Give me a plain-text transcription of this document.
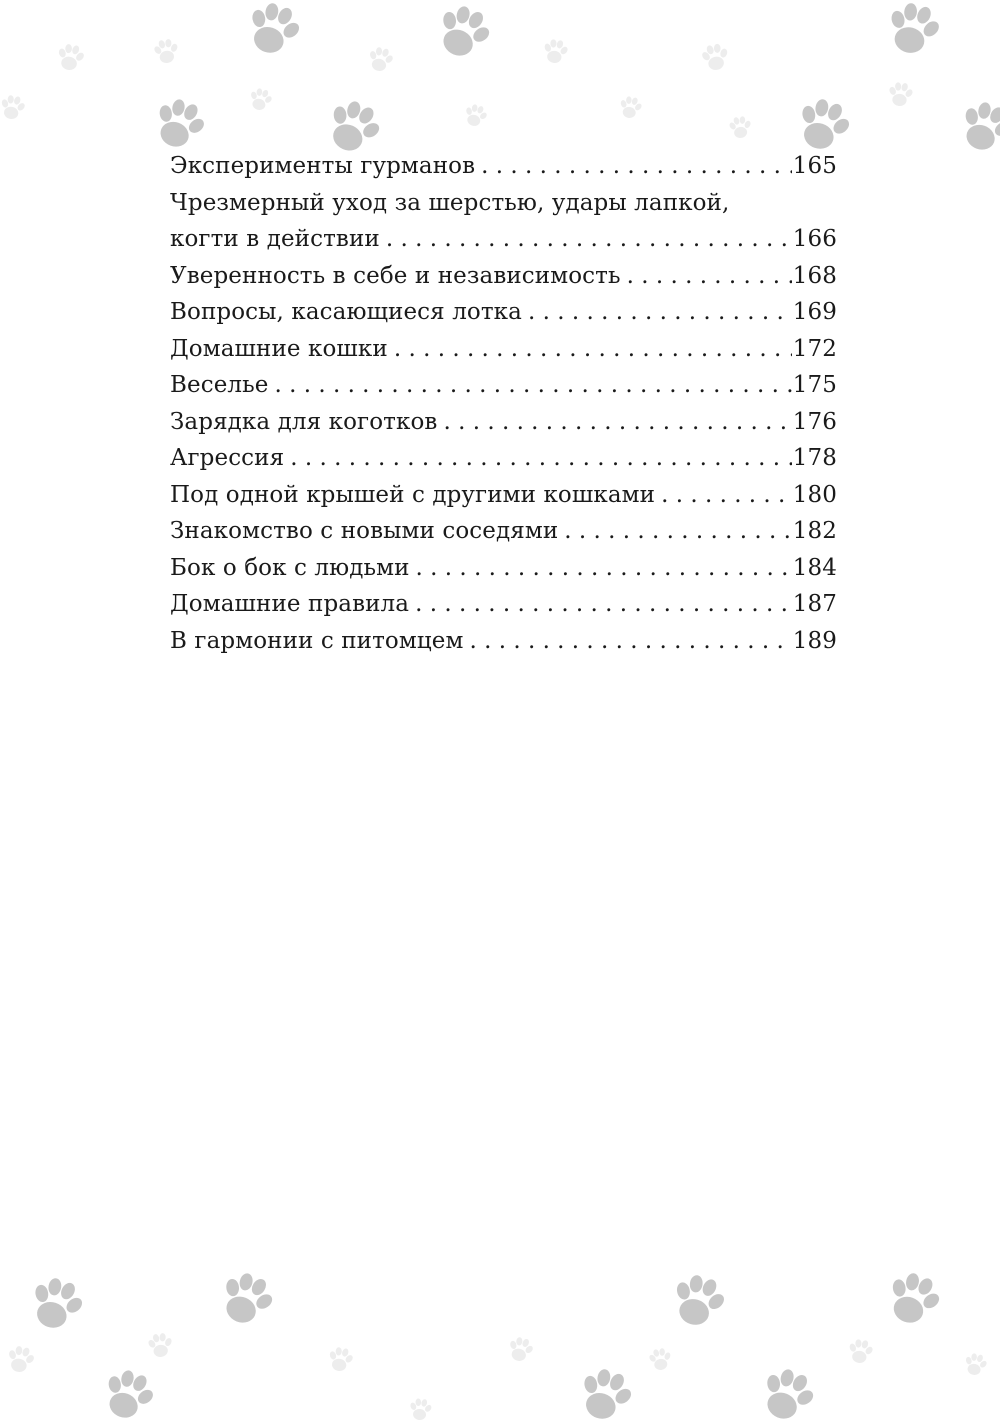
Эксперименты гурманов . . .	165
Чрезмерный уход за шерстью, удары лапкой,
когти в действии . . .	166
Уверенность в себе и независимость . . .	168
Вопросы, касающиеся лотка . . .	169
Домашние кошки . . .	172
Веселье . . .	175
Зарядка для коготков . . .	176
Агрессия . . .	178
Под одной крышей с другими кошками . . .	180
Знакомство с новыми соседями . . .	182
Бок о бок с людьми . . .	184
Домашние правила . . .	187
В гармонии с питомцем . . .	189
